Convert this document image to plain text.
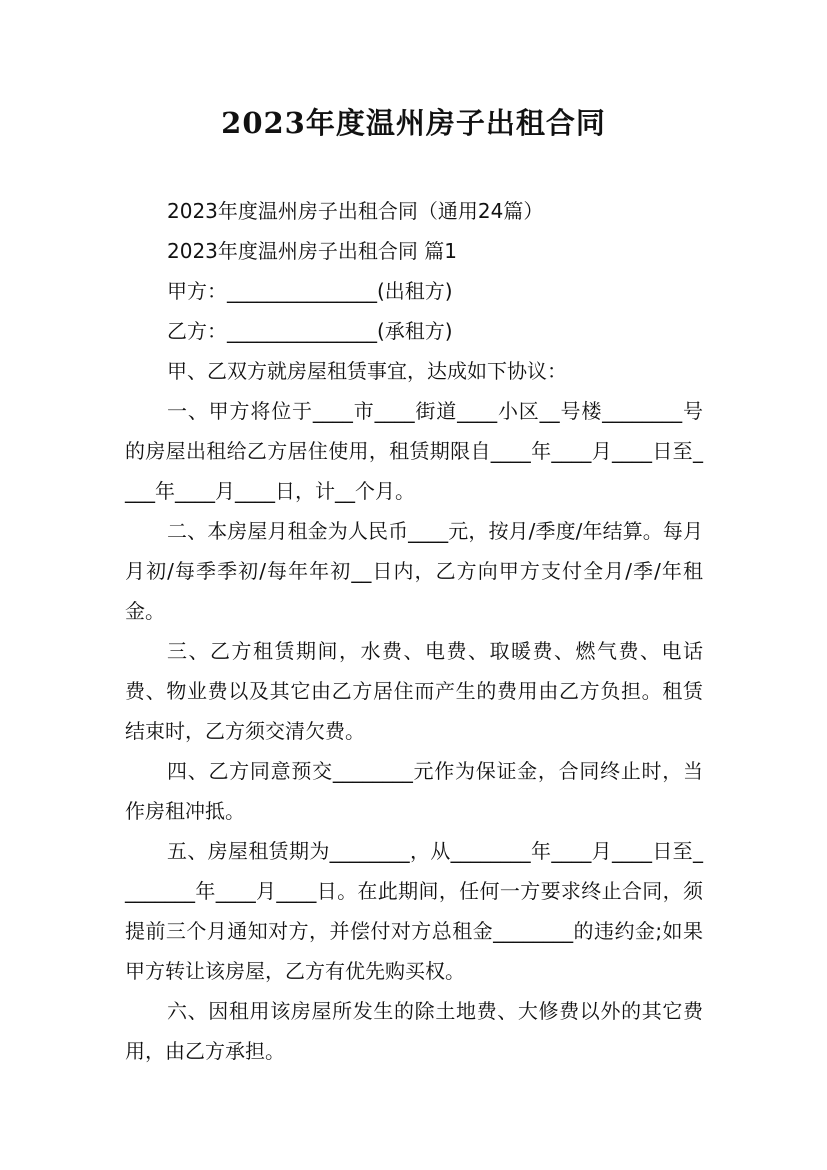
2023年度温州房子出租合同

2023年度温州房子出租合同（通用24篇）

2023年度温州房子出租合同 篇1

甲方：_______________(出租方)

乙方：_______________(承租方)

甲、乙双方就房屋租赁事宜，达成如下协议：

一、甲方将位于____市____街道____小区__号楼________号的房屋出租给乙方居住使用，租赁期限自____年____月____日至____年____月____日，计__个月。

二、本房屋月租金为人民币____元，按月/季度/年结算。每月月初/每季季初/每年年初__日内，乙方向甲方支付全月/季/年租金。

三、乙方租赁期间，水费、电费、取暖费、燃气费、电话费、物业费以及其它由乙方居住而产生的费用由乙方负担。租赁结束时，乙方须交清欠费。

四、乙方同意预交________元作为保证金，合同终止时，当作房租冲抵。

五、房屋租赁期为________，从________年____月____日至________年____月____日。在此期间，任何一方要求终止合同，须提前三个月通知对方，并偿付对方总租金________的违约金;如果甲方转让该房屋，乙方有优先购买权。

六、因租用该房屋所发生的除土地费、大修费以外的其它费用，由乙方承担。
